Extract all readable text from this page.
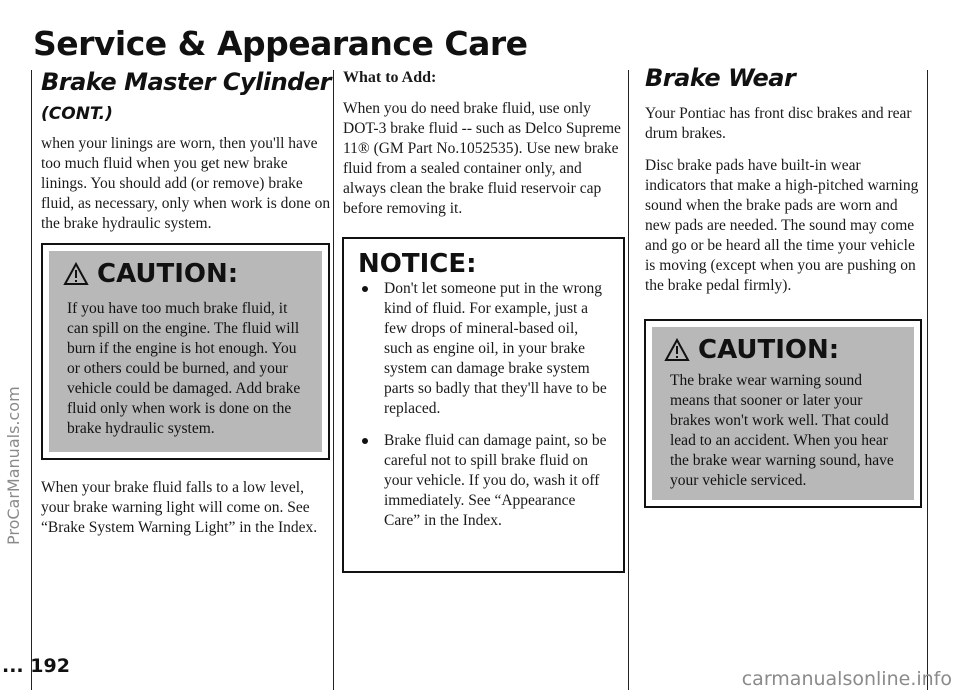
Service & Appearance Care
Brake Master Cylinder
(CONT.)

when your linings are worn, then you'll have too much fluid when you get new brake linings. You should add (or remove) brake fluid, as necessary, only when work is done on the brake hydraulic system.

CAUTION:
If you have too much brake fluid, it can spill on the engine. The fluid will burn if the engine is hot enough. You or others could be burned, and your vehicle could be damaged. Add brake fluid only when work is done on the brake hydraulic system.

When your brake fluid falls to a low level, your brake warning light will come on. See “Brake System Warning Light” in the Index.

What to Add:

When you do need brake fluid, use only DOT-3 brake fluid -- such as Delco Supreme 11® (GM Part No.1052535). Use new brake fluid from a sealed container only, and always clean the brake fluid reservoir cap before removing it.

NOTICE:
Don't let someone put in the wrong kind of fluid. For example, just a few drops of mineral-based oil, such as engine oil, in your brake system can damage brake system parts so badly that they'll have to be replaced.
Brake fluid can damage paint, so be careful not to spill brake fluid on your vehicle. If you do, wash it off immediately. See “Appearance Care” in the Index.
Brake Wear

Your Pontiac has front disc brakes and rear drum brakes.

Disc brake pads have built-in wear indicators that make a high-pitched warning sound when the brake pads are worn and new pads are needed. The sound may come and go or be heard all the time your vehicle is moving (except when you are pushing on the brake pedal firmly).

CAUTION:
The brake wear warning sound means that sooner or later your brakes won't work well. That could lead to an accident. When you hear the brake wear warning sound, have your vehicle serviced.
... 192
ProCarManuals.com
carmanualsonline.info
